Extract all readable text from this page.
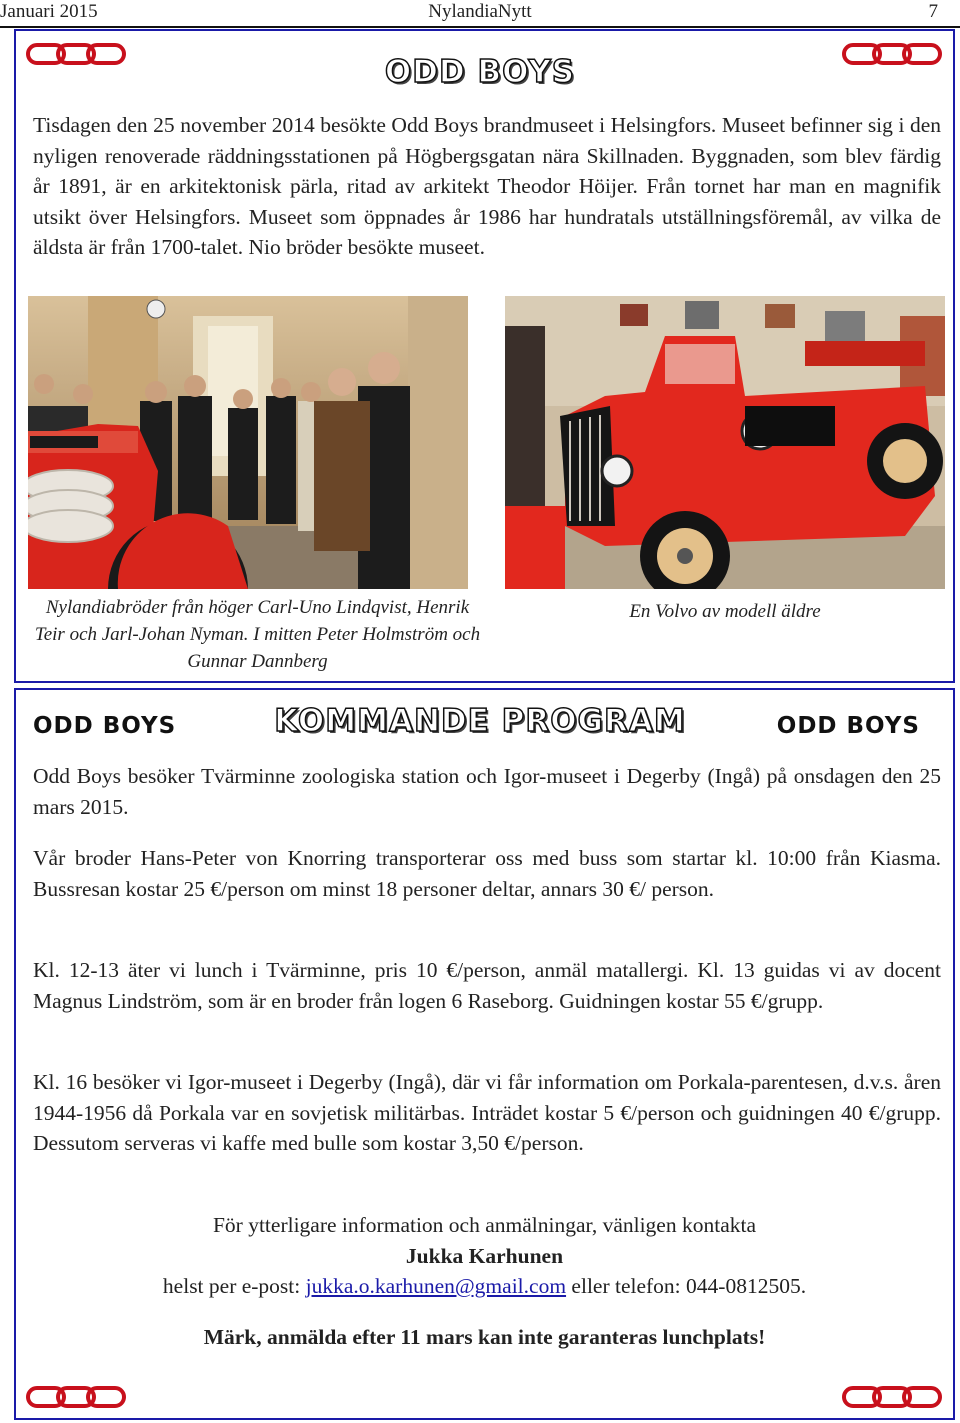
Januari 2015	NylandiaNytt	7
ODD BOYS

Tisdagen den 25 november 2014 besökte Odd Boys brandmuseet i Helsingfors. Museet befinner sig i den nyligen renoverade räddningsstationen på Högbergsgatan nära Skillnaden. Byggnaden, som blev färdig år 1891, är en arkitektonisk pärla, ritad av arkitekt Theodor Höijer. Från tornet har man en magnifik utsikt över Helsingfors. Museet som öppnades år 1986 har hundratals utställningsföremål, av vilka de äldsta är från 1700-talet. Nio bröder besökte museet.

Nylandiabröder från höger Carl-Uno Lindqvist, Henrik Teir och Jarl-Johan Nyman. I mitten Peter Holmström och Gunnar Dannberg
En Volvo av modell äldre
ODD BOYS	KOMMANDE PROGRAM	ODD BOYS

Odd Boys besöker Tvärminne zoologiska station och Igor-museet i Degerby (Ingå) på onsdagen den 25 mars 2015.

Vår broder Hans-Peter von Knorring transporterar oss med buss som startar kl. 10:00 från Kiasma. Bussresan kostar 25 €/person om minst 18 personer deltar, annars 30 €/ person.

Kl. 12-13 äter vi lunch i Tvärminne, pris 10 €/person, anmäl matallergi. Kl. 13 guidas vi av docent Magnus Lindström, som är en broder från logen 6 Raseborg. Guidningen kostar 55 €/grupp.

Kl. 16 besöker vi Igor-museet i Degerby (Ingå), där vi får information om Porkala-parentesen, d.v.s. åren 1944-1956 då Porkala var en sovjetisk militärbas. Inträdet kostar 5 €/person och guidningen 40 €/grupp. Dessutom serveras vi kaffe med bulle som kostar 3,50 €/person.

För ytterligare information och anmälningar, vänligen kontakta

Jukka Karhunen

helst per e-post: jukka.o.karhunen@gmail.com eller telefon: 044-0812505.

Märk, anmälda efter 11 mars kan inte garanteras lunchplats!
